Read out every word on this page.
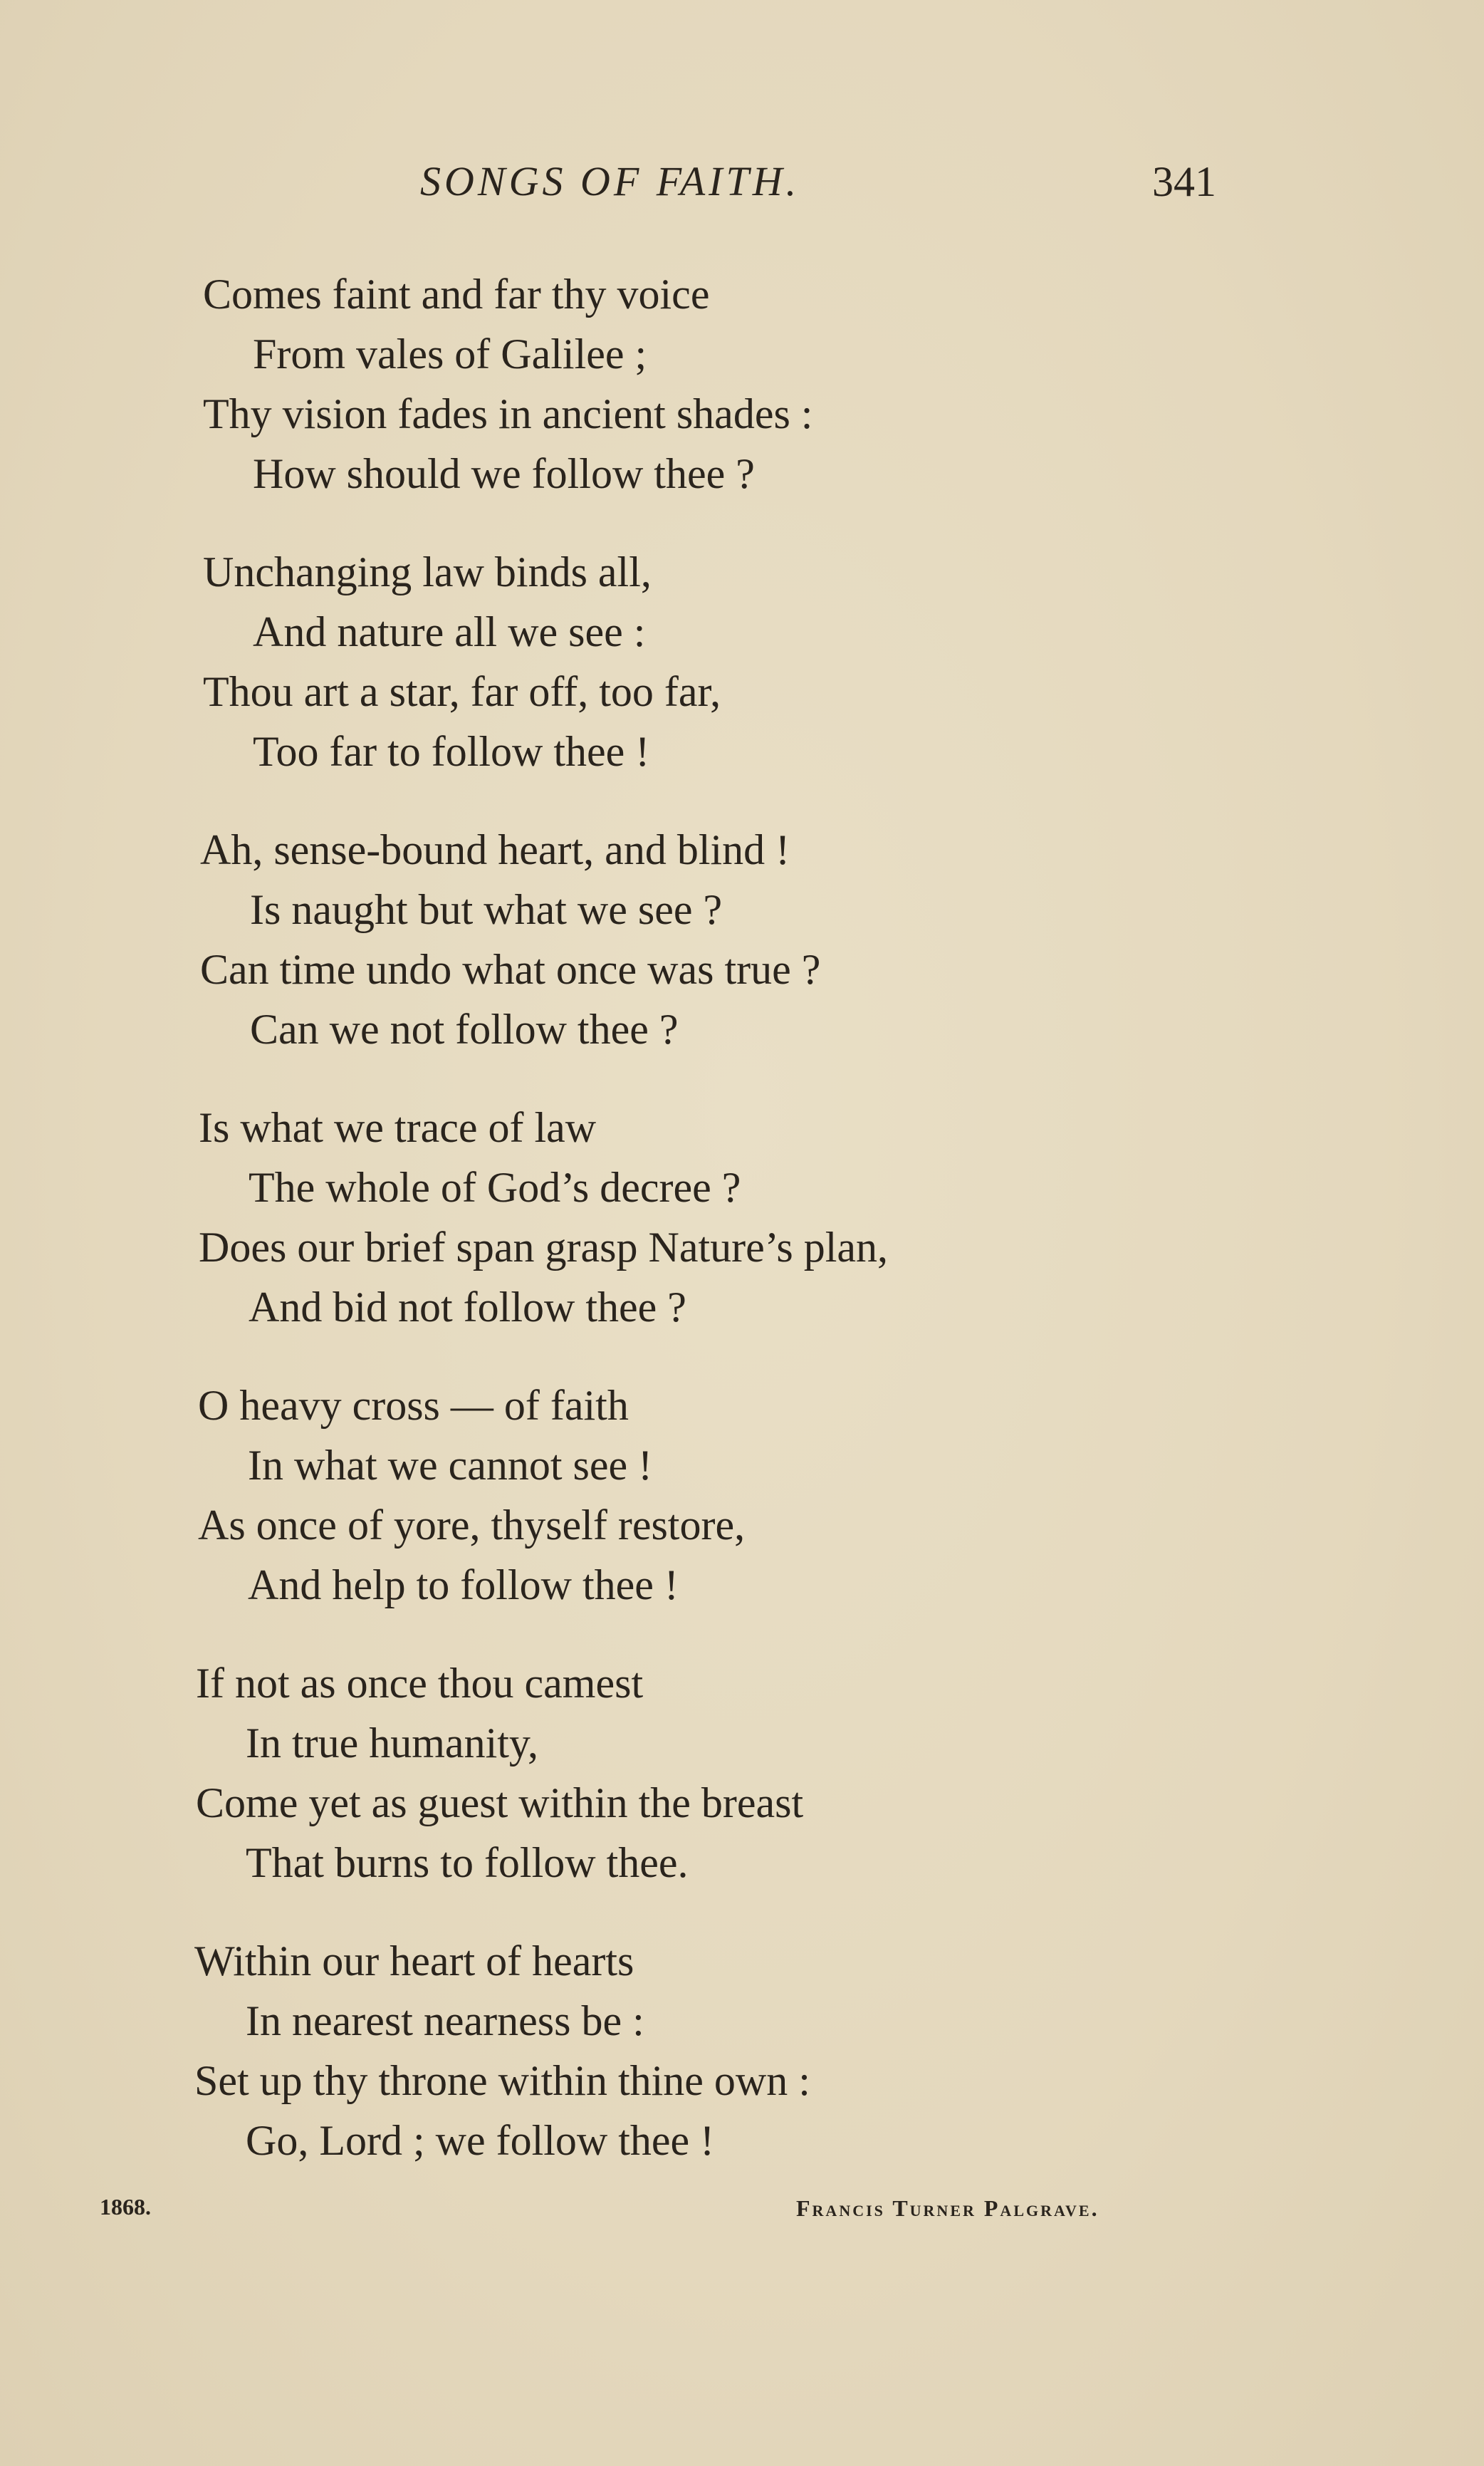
SONGS OF FAITH.	341
Comes faint and far thy voice
From vales of Galilee ;
Thy vision fades in ancient shades :
How should we follow thee ?
Unchanging law binds all,
And nature all we see :
Thou art a star, far off, too far,
Too far to follow thee !
Ah, sense-bound heart, and blind !
Is naught but what we see ?
Can time undo what once was true ?
Can we not follow thee ?
Is what we trace of law
The whole of God’s decree ?
Does our brief span grasp Nature’s plan,
And bid not follow thee ?
O heavy cross — of faith
In what we cannot see !
As once of yore, thyself restore,
And help to follow thee !
If not as once thou camest
In true humanity,
Come yet as guest within the breast
That burns to follow thee.
Within our heart of hearts
In nearest nearness be :
Set up thy throne within thine own :
Go, Lord ; we follow thee !
1868.	Francis Turner Palgrave.
